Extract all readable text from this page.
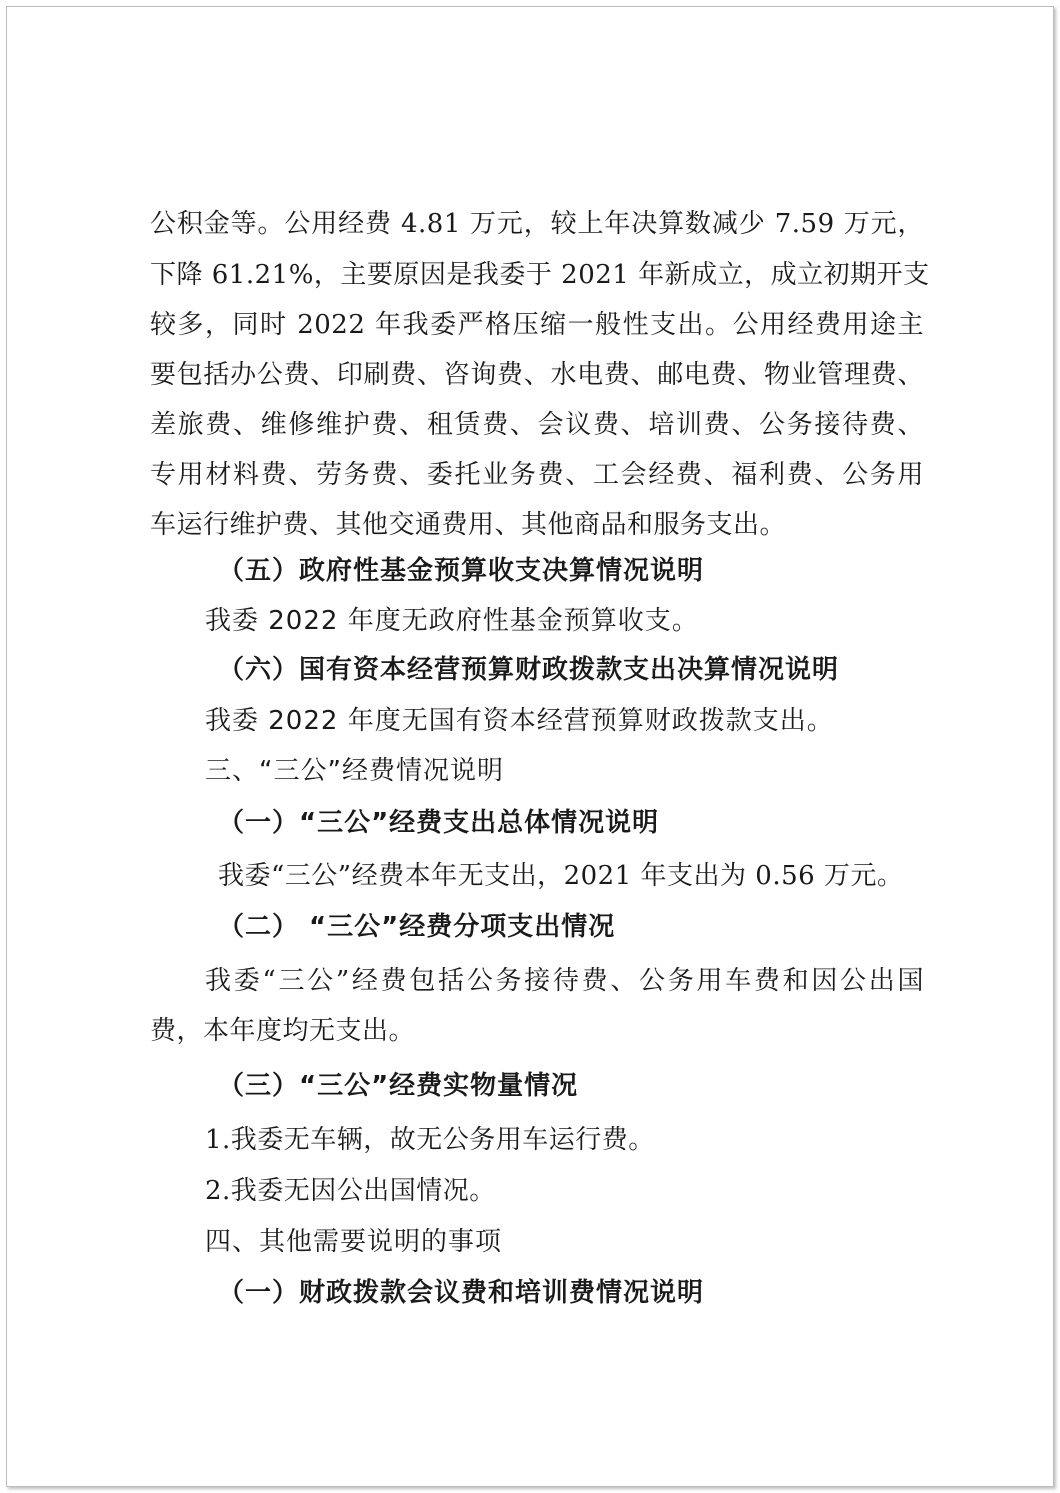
公积金等。公用经费 4.81 万元，较上年决算数减少 7.59 万元，
下降 61.21%，主要原因是我委于 2021 年新成立，成立初期开支
较多，同时 2022 年我委严格压缩一般性支出。公用经费用途主
要包括办公费、印刷费、咨询费、水电费、邮电费、物业管理费、
差旅费、维修维护费、租赁费、会议费、培训费、公务接待费、
专用材料费、劳务费、委托业务费、工会经费、福利费、公务用
车运行维护费、其他交通费用、其他商品和服务支出。
（五）政府性基金预算收支决算情况说明
我委 2022 年度无政府性基金预算收支。
（六）国有资本经营预算财政拨款支出决算情况说明
我委 2022 年度无国有资本经营预算财政拨款支出。
三、“三公”经费情况说明
（一）“三公”经费支出总体情况说明
我委“三公”经费本年无支出，2021 年支出为 0.56 万元。
（二） “三公”经费分项支出情况
我委“三公”经费包括公务接待费、公务用车费和因公出国
费，本年度均无支出。
（三）“三公”经费实物量情况
1.我委无车辆，故无公务用车运行费。
2.我委无因公出国情况。
四、其他需要说明的事项
（一）财政拨款会议费和培训费情况说明
